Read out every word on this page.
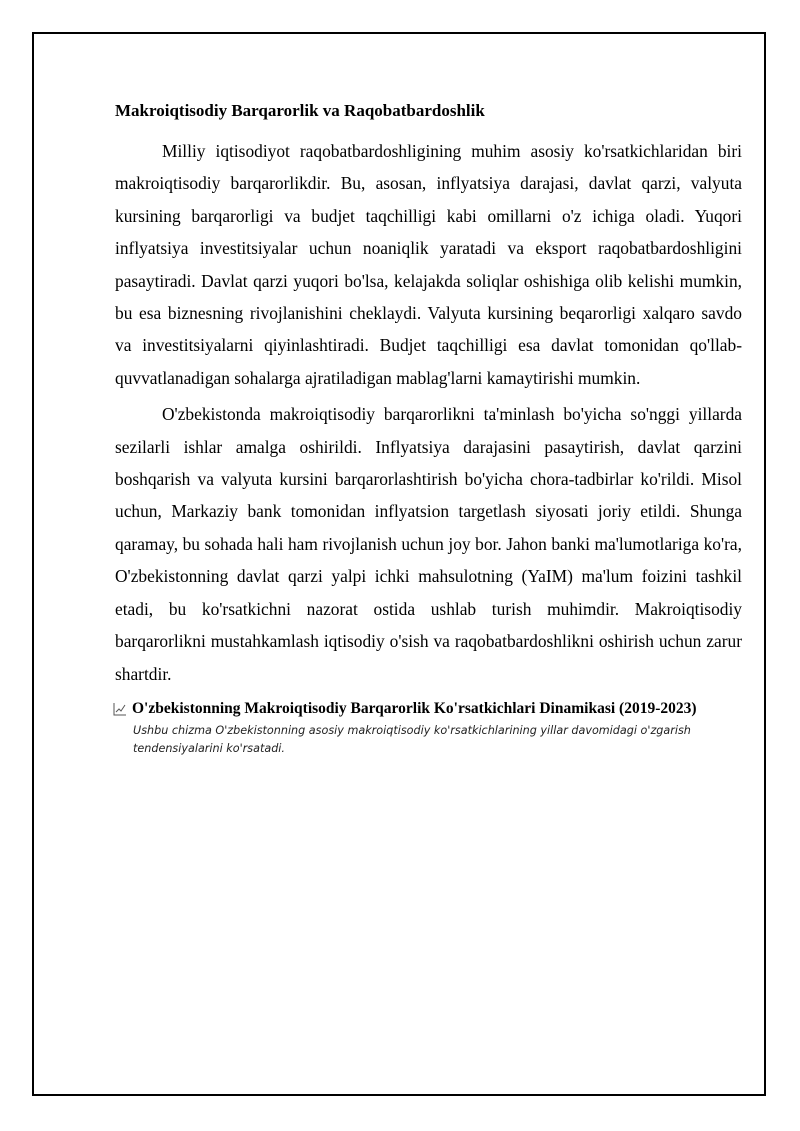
Makroiqtisodiy Barqarorlik va Raqobatbardoshlik

Milliy iqtisodiyot raqobatbardoshligining muhim asosiy ko'rsatkichlaridan biri makroiqtisodiy barqarorlikdir. Bu, asosan, inflyatsiya darajasi, davlat qarzi, valyuta kursining barqarorligi va budjet taqchilligi kabi omillarni o'z ichiga oladi. Yuqori inflyatsiya investitsiyalar uchun noaniqlik yaratadi va eksport raqobatbardoshligini pasaytiradi. Davlat qarzi yuqori bo'lsa, kelajakda soliqlar oshishiga olib kelishi mumkin, bu esa biznesning rivojlanishini cheklaydi. Valyuta kursining beqarorligi xalqaro savdo va investitsiyalarni qiyinlashtiradi. Budjet taqchilligi esa davlat tomonidan qo'llab-quvvatlanadigan sohalarga ajratiladigan mablag'larni kamaytirishi mumkin.

O'zbekistonda makroiqtisodiy barqarorlikni ta'minlash bo'yicha so'nggi yillarda sezilarli ishlar amalga oshirildi. Inflyatsiya darajasini pasaytirish, davlat qarzini boshqarish va valyuta kursini barqarorlashtirish bo'yicha chora-tadbirlar ko'rildi. Misol uchun, Markaziy bank tomonidan inflyatsion targetlash siyosati joriy etildi. Shunga qaramay, bu sohada hali ham rivojlanish uchun joy bor. Jahon banki ma'lumotlariga ko'ra, O'zbekistonning davlat qarzi yalpi ichki mahsulotning (YaIM) ma'lum foizini tashkil etadi, bu ko'rsatkichni nazorat ostida ushlab turish muhimdir. Makroiqtisodiy barqarorlikni mustahkamlash iqtisodiy o'sish va raqobatbardoshlikni oshirish uchun zarur shartdir.

O'zbekistonning Makroiqtisodiy Barqarorlik Ko'rsatkichlari Dinamikasi (2019-2023)
Ushbu chizma O'zbekistonning asosiy makroiqtisodiy ko'rsatkichlarining yillar davomidagi o'zgarish tendensiyalarini ko'rsatadi.
